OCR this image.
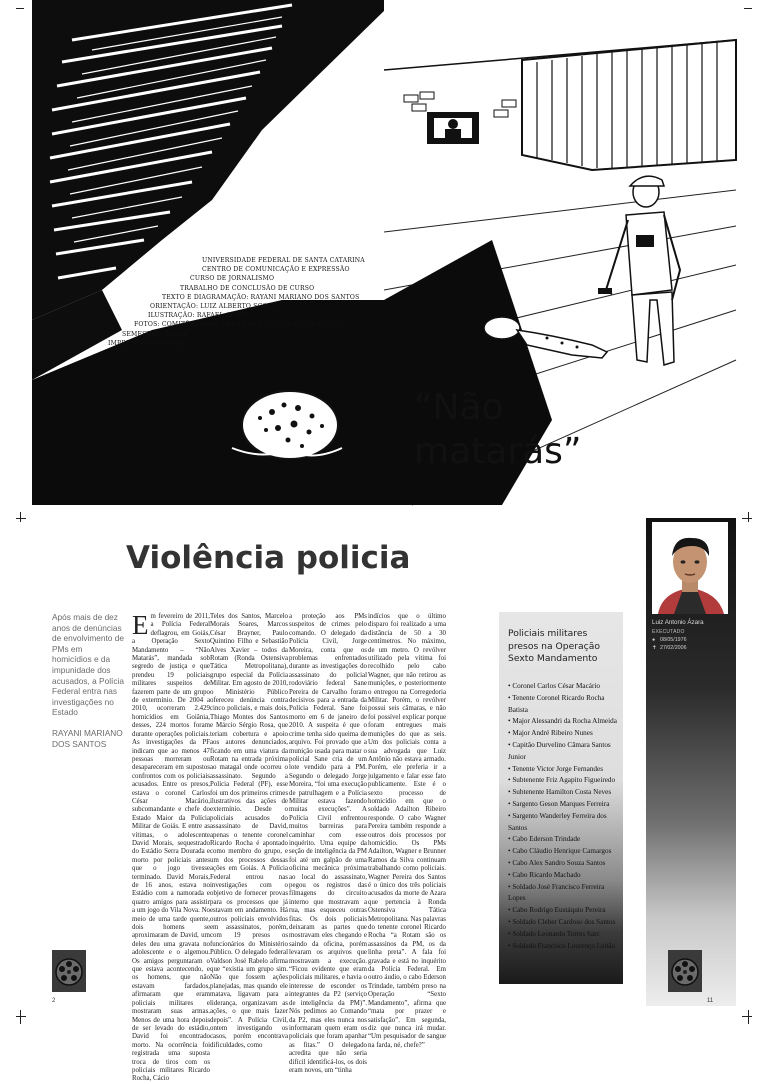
UNIVERSIDADE FEDERAL DE SANTA CATARINA
CENTRO DE COMUNICAÇÃO E EXPRESSÃO
CURSO DE JORNALISMO
TRABALHO DE CONCLUSÃO DE CURSO
TEXTO E DIAGRAMAÇÃO: RAYANI MARIANO DOS SANTOS
ORIENTAÇÃO: LUIZ ALBERTO SCOTTO
ILUSTRAÇÃO: RAFAEL ALVES
FOTOS: COMITÊ GOIANO PELO FIM DA VIOLÊNCIA POLICIAL
SEMESTRE: 2011/2
IMPRESSÃO: POSTMIX
“Não
matarás”
Violência policia

Após mais de dez anos de denúncias de envolvimento de PMs em homicídios e da impunidade dos acusados, a Polícia Federal entra nas investigações no Estado

RAYANI MARIANO DOS SANTOS

E m fevereiro de 2011, a Polícia Federal deflagrou, em Goiás, a Operação Sexto Mandamento – “Não Matarás”, mandada sob segredo de justiça e que prendeu 19 policiais militares suspeitos de fazerem parte de um grupo de extermínio. De 2004 a 2010, ocorreram 2.429 homicídios em Goiânia, desses, 224 mortos foram durante operações policiais. As investigações da PF indicam que ao menos 47 pessoas morreram ou desapareceram em supostos confrontos com os policiais acusados. Entre os presos, estava o coronel Carlos César Macário, subcomandante e chefe do Estado Maior da Polícia Militar de Goiás. E entre as vítimas, o adolescente David Morais, sequestrado do Estádio Serra Dourada e morto por policiais antes que o jogo tivesse terminado. David Morais, de 16 anos, estava no Estádio com a namorada e quatro amigos para assistir a um jogo do Vila Nova. No meio de uma tarde quente, dois homens se aproximaram de David, um deles deu uma gravata no adolescente e o algemou. Os amigos perguntaram o que estava acontecendo, e os homens, que não estavam fardados, afirmaram que eram policiais militares e mostraram suas armas. Menos de uma hora depois de ser levado do estádio, David foi encontrado morto. Na ocorrência foi registrada uma suposta troca de tiros com os policiais militares Ricardo Rocha, Cácio
Teles dos Santos, Marcelo Morais Soares, Marcos César Brayner, Paulo Quintino Filho e Sebastião Alves Xavier – todos da Rotam (Ronda Ostensiva Tática Metropolitana), grupo especial da Polícia Militar. Em agosto de 2010, o Ministério Público ofereceu denúncia contra cinco policiais, e mais dois, Thiago Montes dos Santos e Márcio Sérgio Rosa, que teriam cobertura e apoio aos autores denunciados, ficando em uma viatura da Rotam na entrada próxima ao matagal onde ocorreu o assassinato. Segundo a Polícia Federal (PF), esse foi um dos primeiros crimes ilustrativos das ações de extermínio. Desde o policiais acusados do assassinato de David, apenas o tenente coronel Ricardo Rocha é apontado como membro do grupo, e um dos processos dessas ações em Goiás. A Polícia Federal entrou nas investigações com o objetivo de fornecer provas para os processos que já estavam em andamento. Há outros policiais envolvidos em assassinatos, porém, com 19 presos os funcionários do Ministério Público. O delegado federal Valdson José Rabelo afirma que “existia um grupo sim. Não que fossem ações planejadas, mas quando ele matava, ligavam para a liderança, organizavam as ações, o que mais fazer depois”. A Polícia Civil, ontem investigando os casos, porém encontrava dificuldades, como
a proteção aos PMs suspeitos de crimes pelo comando. O delegado da Polícia Civil, Jorge Moreira, conta que os problemas enfrentados durante as investigações do assassinato do policial rodoviário federal Sane Pereira de Carvalho foram decisivos para a entrada da Polícia Federal. Sane foi morto em 6 de janeiro de 2010. A suspeita é que o crime tenha sido queima de arquivo. Foi provado que a munição usada para matar o policial Sane cria de um lote vendido para a PM. Segundo o delegado Jorge Moreira, “foi uma execução de patrulhagem e a Polícia Militar estava fazendo muitas execuções”. A Polícia Civil enfrentou muitos barreiras para caminhar com esse inquérito. Uma equipe da seção de inteligência da PM foi até um galpão de uma oficina mecânica próxima ao local do assassinato, pegou os registros das filmagens do circuito interno que mostravam a rua, mas esqueceu outras fitas. Os dois policiais deixaram as partes que mostravam eles chegando e saindo da oficina, porém levaram os arquivos que mostravam a execução. “Ficou evidente que eram policiais militares, e havia o interesse de esconder os integrantes da P2 (serviço de inteligência da PM)”. Nós pedimos ao Comando da P2, mas eles nunca nos informaram quem eram os policiais que foram apanhar as fitas.” O delegado acredita que não seria difícil identificá-los, os dois eram novos, um “tinha
indícios que o último disparo foi realizado a uma distância de 50 a 30 centímetros. No máximo, de um metro. O revólver utilizado pela vítima foi recolhido pelo cabo Wagner, que não retirou as munições, e posteriormente o entregou na Corregedoria Militar. Porém, o revólver possui seis câmaras, e não foi possível explicar porque foram entregues mais munições do que as seis. Um dos policiais conta a sua advogada que Luiz Antônio não estava armado. Porém, ele preferia ir a julgamento e falar esse fato publicamente. Este é o sexto processo de homicídio em que o soldado Adailton Ribeiro responde. O cabo Wagner Pereira também responde a outros dois processos por homicídio. Os PMs Adailton, Wagner e Brunner Ramos da Silva continuam trabalhando como policiais. Wagner Pereira dos Santos é o único dos três policiais acusados da morte de Azara que pertencia à Ronda Ostensiva Tática Metropolitana. Nas palavras do tenente coronel Ricardo Rocha “a Rotam são os assassinos da PM, os da linha preta”. A fala foi gravada e está no inquérito da Polícia Federal. Em outro áudio, o cabo Ederson Trindade, também preso na Operação “Sexto Mandamento”, afirma que “mata por prazer e satisfação”. Em segunda, diz que nunca irá mudar. “Um pesquisador de sangue na farda, né, chefe?”
Policiais militares presos na Operação Sexto Mandamento
• Coronel Carlos César Macário
• Tenente Coronel Ricardo Rocha Batista
• Major Alessandri da Rocha Almeida
• Major André Ribeiro Nunes
• Capitão Durvelino Câmara Santos Junior
• Tenente Victor Jorge Fernandes
• Subtenente Friz Agapito Figueiredo
• Subtenente Hamilton Costa Neves
• Sargento Geson Marques Ferreira
• Sargento Wanderley Ferreira dos Santos
• Cabo Ederson Trindade
• Cabo Cláudio Henrique Camargos
• Cabo Alex Sandro Souza Santos
• Cabo Ricardo Machado
• Soldado José Francisco Ferreira Lopes
• Cabo Rodrigo Eustáquio Pereira
• Soldado Cleber Cardoso dos Santos
• Soldado Leonardo Torres Sarc
• Soldado Francisco Lourenço Leitão
Luiz Antonio Ázara
EXECUTADO
● 08/05/1976
✝ 27/02/2006
2	11
